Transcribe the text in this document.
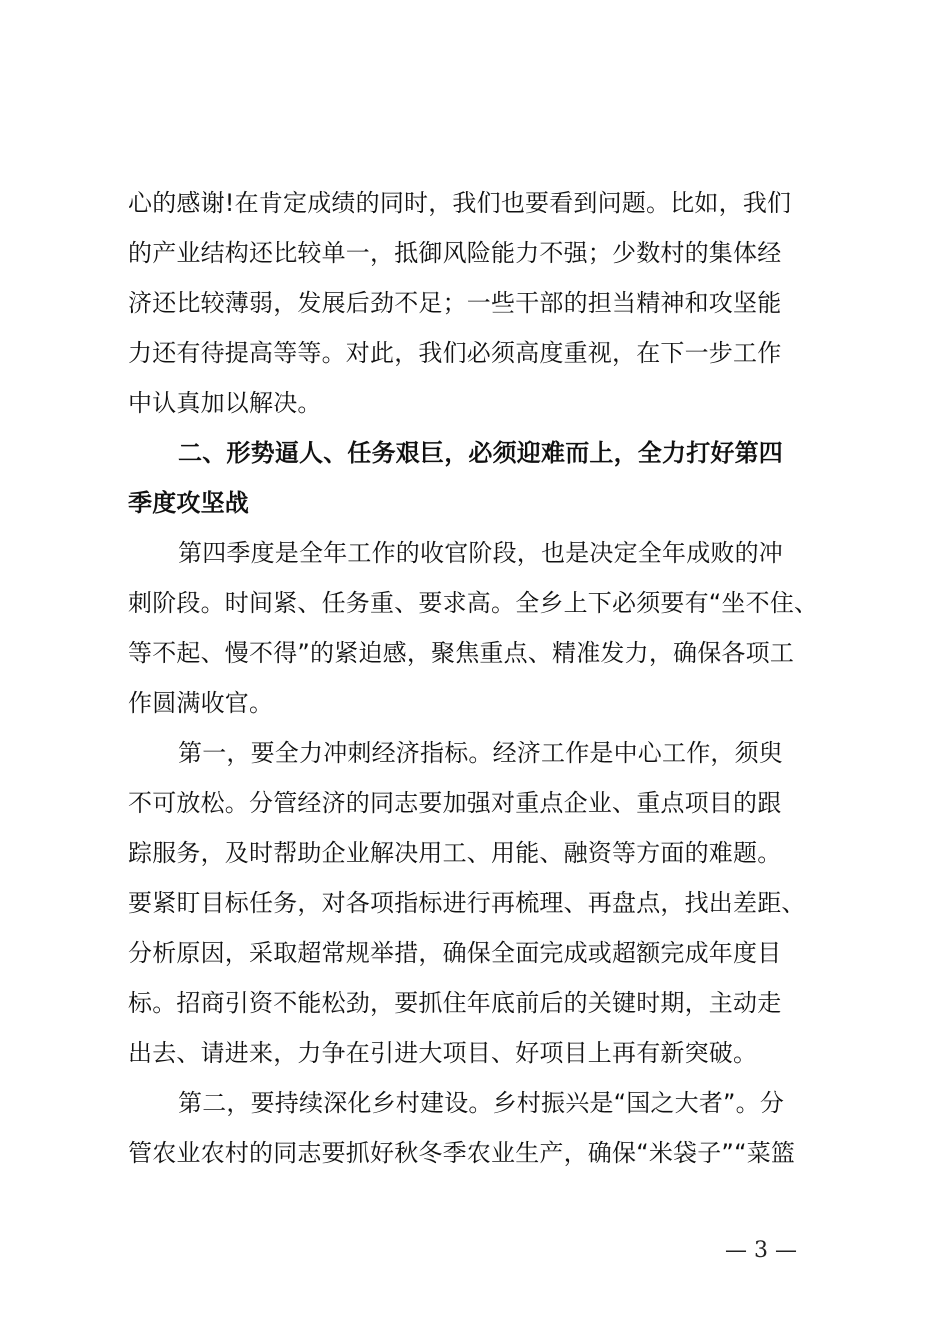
心的感谢!在肯定成绩的同时，我们也要看到问题。比如，我们
的产业结构还比较单一，抵御风险能力不强；少数村的集体经
济还比较薄弱，发展后劲不足；一些干部的担当精神和攻坚能
力还有待提高等等。对此，我们必须高度重视，在下一步工作
中认真加以解决。
二、形势逼人、任务艰巨，必须迎难而上，全力打好第四
季度攻坚战
第四季度是全年工作的收官阶段，也是决定全年成败的冲
刺阶段。时间紧、任务重、要求高。全乡上下必须要有“坐不住、
等不起、慢不得”的紧迫感，聚焦重点、精准发力，确保各项工
作圆满收官。
第一，要全力冲刺经济指标。经济工作是中心工作，须臾
不可放松。分管经济的同志要加强对重点企业、重点项目的跟
踪服务，及时帮助企业解决用工、用能、融资等方面的难题。
要紧盯目标任务，对各项指标进行再梳理、再盘点，找出差距、
分析原因，采取超常规举措，确保全面完成或超额完成年度目
标。招商引资不能松劲，要抓住年底前后的关键时期，主动走
出去、请进来，力争在引进大项目、好项目上再有新突破。
第二，要持续深化乡村建设。乡村振兴是“国之大者”。分
管农业农村的同志要抓好秋冬季农业生产，确保“米袋子”“菜篮
— 3 —
